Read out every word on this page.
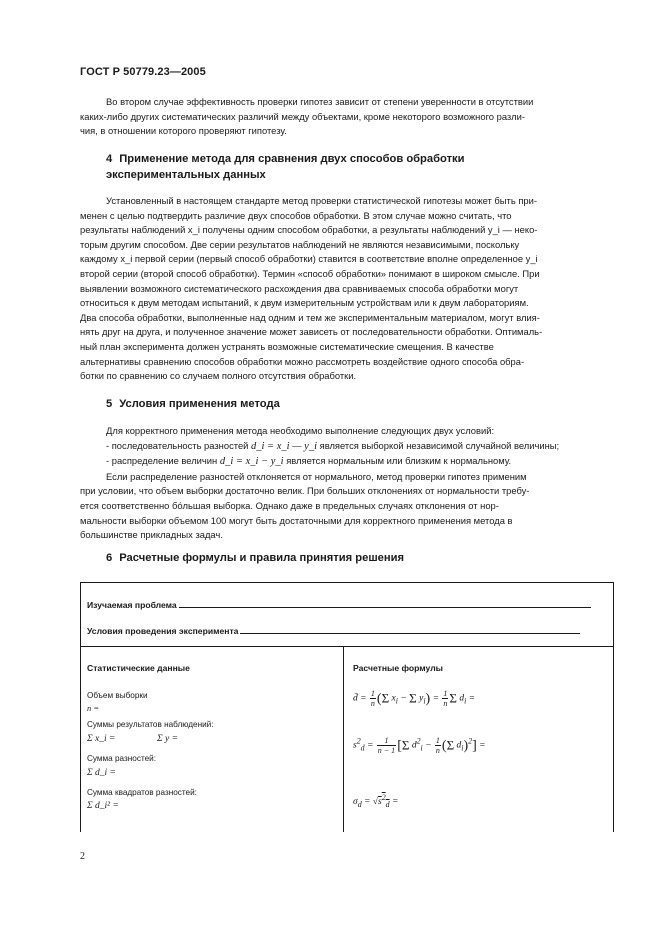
ГОСТ Р 50779.23—2005

Во втором случае эффективность проверки гипотез зависит от степени уверенности в отсутствии
каких-либо других систематических различий между объектами, кроме некоторого возможного разли-
чия, в отношении которого проверяют гипотезу.

4 Применение метода для сравнения двух способов обработки
экспериментальных данных

Установленный в настоящем стандарте метод проверки статистической гипотезы может быть при-
менен с целью подтвердить различие двух способов обработки. В этом случае можно считать, что
результаты наблюдений x_i получены одним способом обработки, а результаты наблюдений y_i — неко-
торым другим способом. Две серии результатов наблюдений не являются независимыми, поскольку
каждому x_i первой серии (первый способ обработки) ставится в соответствие вполне определенное y_i
второй серии (второй способ обработки). Термин «способ обработки» понимают в широком смысле. При
выявлении возможного систематического расхождения два сравниваемых способа обработки могут
относиться к двум методам испытаний, к двум измерительным устройствам или к двум лабораториям.
Два способа обработки, выполненные над одним и тем же экспериментальным материалом, могут влия-
нять друг на друга, и полученное значение может зависеть от последовательности обработки. Оптималь-
ный план эксперимента должен устранять возможные систематические смещения. В качестве
альтернативы сравнению способов обработки можно рассмотреть воздействие одного способа обра-
ботки по сравнению со случаем полного отсутствия обработки.

5 Условия применения метода

Для корректного применения метода необходимо выполнение следующих двух условий:
- последовательность разностей d_i = x_i — y_i является выборкой независимой случайной величины;
- распределение величин d_i = x_i − y_i является нормальным или близким к нормальному.
Если распределение разностей отклоняется от нормального, метод проверки гипотез применим
при условии, что объем выборки достаточно велик. При больших отклонениях от нормальности требу-
ется соответственно бо́льшая выборка. Однако даже в предельных случаях отклонения от нор-
мальности выборки объемом 100 могут быть достаточными для корректного применения метода в
большинстве прикладных задач.

6 Расчетные формулы и правила принятия решения
Изучаемая проблема
Условия проведения эксперимента
Статистические данные	Расчетные формулы
Объем выборки
n =
Суммы результатов наблюдений:
Σ x_i =	Σ y =
Сумма разностей:
Σ d_i =
Сумма квадратов разностей:
Σ d_i² =
d̄ = $\frac{1}{n} (\Sigma$ $x_i - \Sigma$ $y_i) = \frac{1}{n}$ Σ $d_i$ =
$s^2_d = \frac{1}{n - 1} [\Sigma$ $d^2_i - \frac{1}{n} (\Sigma$ $d_i)^2$] =
$\sigma_d = √s^2_d$ =
2
